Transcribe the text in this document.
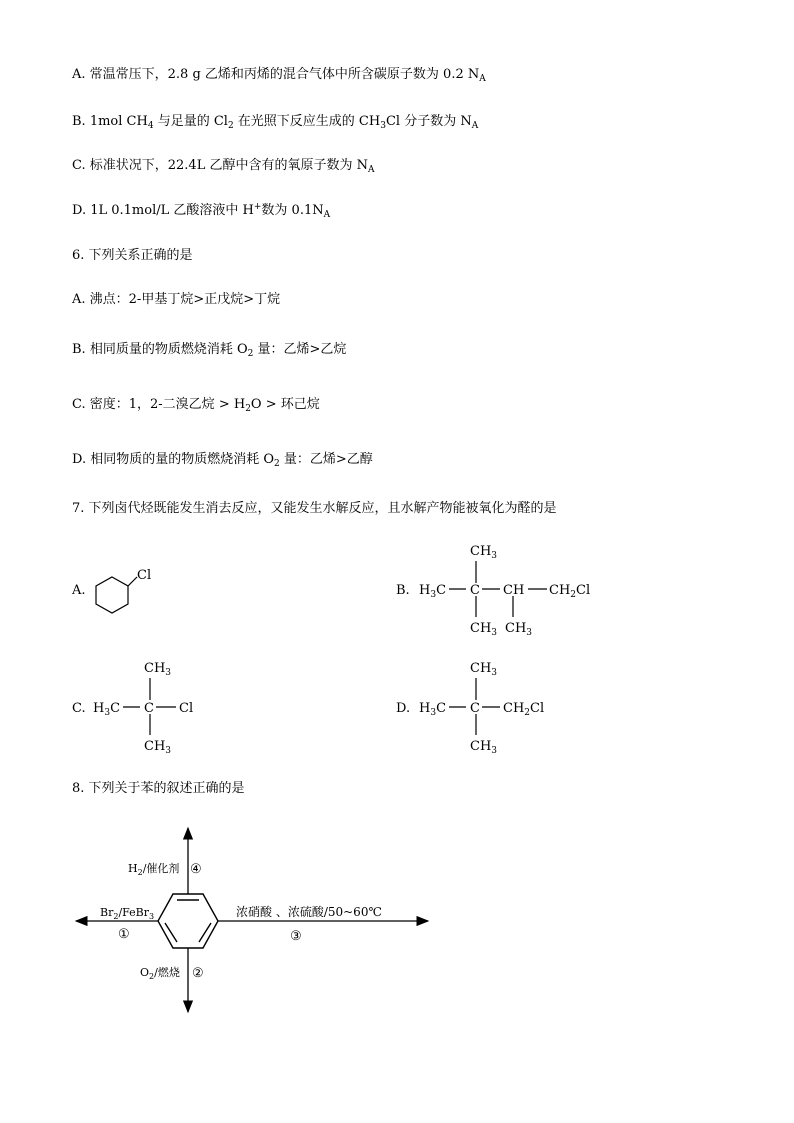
A. 常温常压下，2.8 g 乙烯和丙烯的混合气体中所含碳原子数为 0.2 $N_A$
B. 1mol $CH_4$ 与足量的 $Cl_2$ 在光照下反应生成的 $CH_3Cl$ 分子数为 $N_A$
C. 标准状况下，22.4L 乙醇中含有的氧原子数为 $N_A$
D. 1L 0.1mol/L 乙酸溶液中 H+数为 $0.1N_A$
6. 下列关系正确的是
A. 沸点：2-甲基丁烷>正戊烷>丁烷
B. 相同质量的物质燃烧消耗 $O_2$ 量：乙烯>乙烷
C. 密度：1，2-二溴乙烷 > $H_2O$ > 环己烷
D. 相同物质的量的物质燃烧消耗 $O_2$ 量：乙烯>乙醇
7. 下列卤代烃既能发生消去反应，又能发生水解反应，且水解产物能被氧化为醛的是
A.
Cl
B.
$CH_3$
$H_3C$ C CH $CH_2Cl$
$CH_3$ $CH_3$
C.
$CH_3$
$H_3C$ C Cl
$CH_3$
D.
$CH_3$
$H_3C$ C $CH_2Cl$
$CH_3$
8. 下列关于苯的叙述正确的是
$H_2/$催化剂 ④
$Br_2/FeBr_3$
①
浓硝酸 、浓硫酸/50~60℃
③
$O_2/$燃烧 ②
